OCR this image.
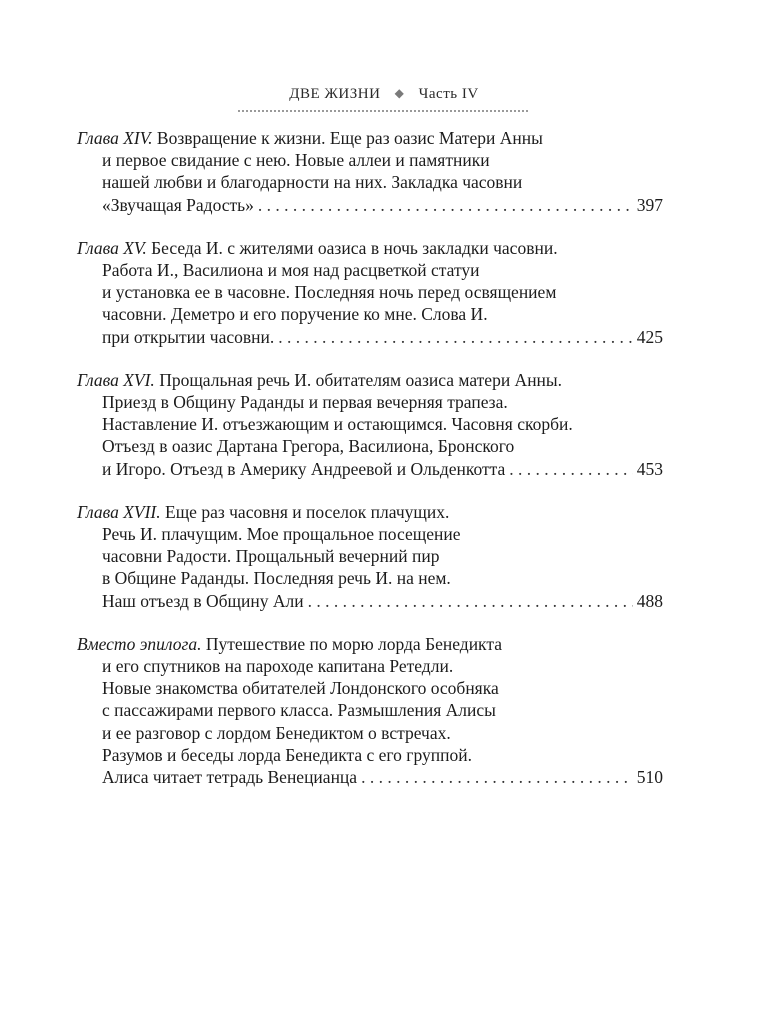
ДВЕ ЖИЗНИ ◆ Часть IV
Глава XIV. Возвращение к жизни. Еще раз оазис Матери Анны
и первое свидание с нею. Новые аллеи и памятники
нашей любви и благодарности на них. Закладка часовни
«Звучащая Радость» . . .	397
Глава XV. Беседа И. с жителями оазиса в ночь закладки часовни.
Работа И., Василиона и моя над расцветкой статуи
и установка ее в часовне. Последняя ночь перед освящением
часовни. Деметро и его поручение ко мне. Слова И.
при открытии часовни. . . .	425
Глава XVI. Прощальная речь И. обитателям оазиса матери Анны.
Приезд в Общину Раданды и первая вечерняя трапеза.
Наставление И. отъезжающим и остающимся. Часовня скорби.
Отъезд в оазис Дартана Грегора, Василиона, Бронского
и Игоро. Отъезд в Америку Андреевой и Ольденкотта . . .	453
Глава XVII. Еще раз часовня и поселок плачущих.
Речь И. плачущим. Мое прощальное посещение
часовни Радости. Прощальный вечерний пир
в Общине Раданды. Последняя речь И. на нем.
Наш отъезд в Общину Али . . .	488
Вместо эпилога. Путешествие по морю лорда Бенедикта
и его спутников на пароходе капитана Ретедли.
Новые знакомства обитателей Лондонского особняка
с пассажирами первого класса. Размышления Алисы
и ее разговор с лордом Бенедиктом о встречах.
Разумов и беседы лорда Бенедикта с его группой.
Алиса читает тетрадь Венецианца . . .	510
